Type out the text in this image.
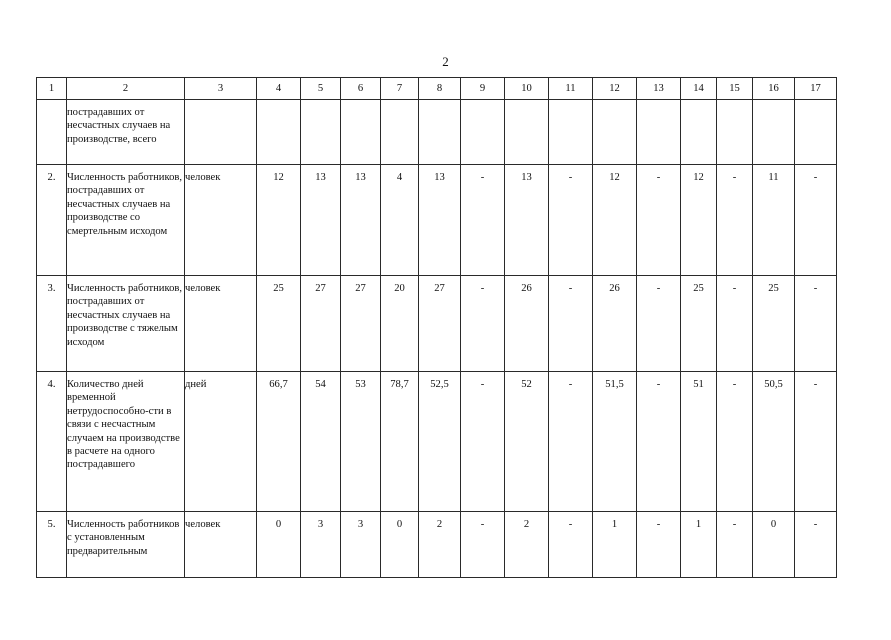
2
1	2	3	4	5	6	7	8	9	10	11	12	13	14	15	16	17
	пострадавших от несчастных случаев на производстве, всего															
2.	Численность работников, пострадавших от несчастных случаев на производстве со смертельным исходом	человек	12	13	13	4	13	-	13	-	12	-	12	-	11	-
3.	Численность работников, пострадавших от несчастных случаев на производстве с тяжелым исходом	человек	25	27	27	20	27	-	26	-	26	-	25	-	25	-
4.	Количество дней временной нетрудоспособно-сти в связи с несчастным случаем на производстве в расчете на одного пострадавшего	дней	66,7	54	53	78,7	52,5	-	52	-	51,5	-	51	-	50,5	-
5.	Численность работников с установленным предварительным	человек	0	3	3	0	2	-	2	-	1	-	1	-	0	-
